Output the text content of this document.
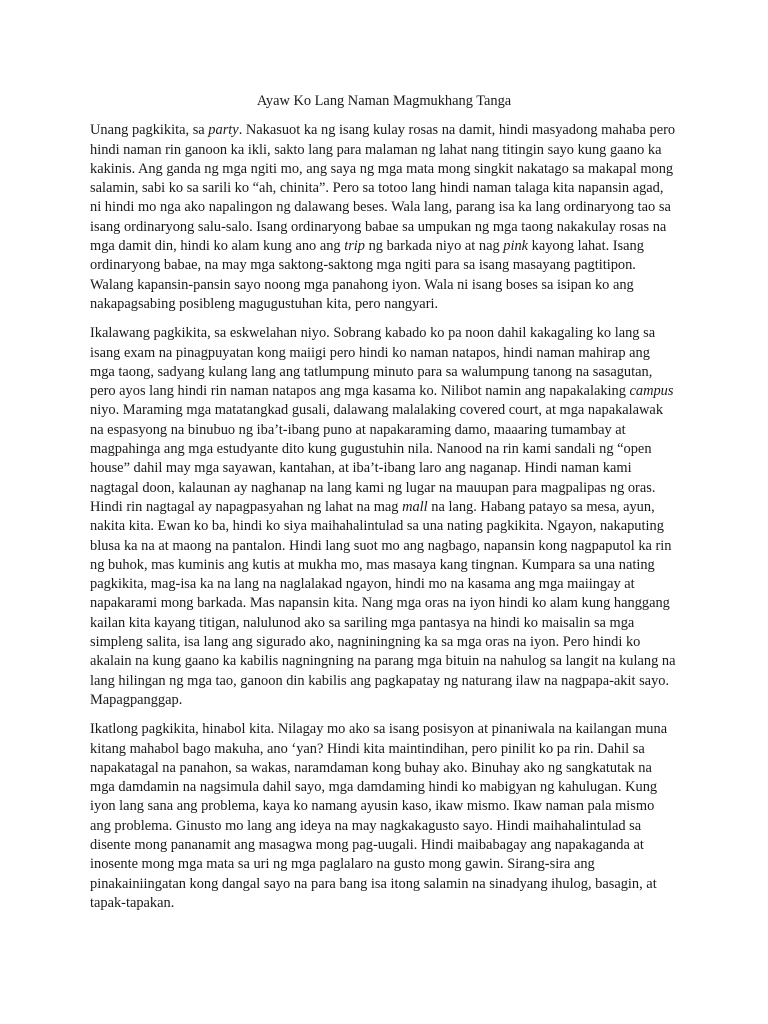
Ayaw Ko Lang Naman Magmukhang Tanga

Unang pagkikita, sa party. Nakasuot ka ng isang kulay rosas na damit, hindi masyadong mahaba pero hindi naman rin ganoon ka ikli, sakto lang para malaman ng lahat nang titingin sayo kung gaano ka kakinis. Ang ganda ng mga ngiti mo, ang saya ng mga mata mong singkit nakatago sa makapal mong salamin, sabi ko sa sarili ko “ah, chinita”. Pero sa totoo lang hindi naman talaga kita napansin agad, ni hindi mo nga ako napalingon ng dalawang beses. Wala lang, parang isa ka lang ordinaryong tao sa isang ordinaryong salu-salo. Isang ordinaryong babae sa umpukan ng mga taong nakakulay rosas na mga damit din, hindi ko alam kung ano ang trip ng barkada niyo at nag pink kayong lahat. Isang ordinaryong babae, na may mga saktong-saktong mga ngiti para sa isang masayang pagtitipon. Walang kapansin-pansin sayo noong mga panahong iyon. Wala ni isang boses sa isipan ko ang nakapagsabing posibleng magugustuhan kita, pero nangyari.

Ikalawang pagkikita, sa eskwelahan niyo. Sobrang kabado ko pa noon dahil kakagaling ko lang sa isang exam na pinagpuyatan kong maiigi pero hindi ko naman natapos, hindi naman mahirap ang mga taong, sadyang kulang lang ang tatlumpung minuto para sa walumpung tanong na sasagutan, pero ayos lang hindi rin naman natapos ang mga kasama ko. Nilibot namin ang napakalaking campus niyo. Maraming mga matatangkad gusali, dalawang malalaking covered court, at mga napakalawak na espasyong na binubuo ng iba’t-ibang puno at napakaraming damo, maaaring tumambay at magpahinga ang mga estudyante dito kung gugustuhin nila. Nanood na rin kami sandali ng “open house” dahil may mga sayawan, kantahan, at iba’t-ibang laro ang naganap. Hindi naman kami nagtagal doon, kalaunan ay naghanap na lang kami ng lugar na mauupan para magpalipas ng oras. Hindi rin nagtagal ay napagpasyahan ng lahat na mag mall na lang. Habang patayo sa mesa, ayun, nakita kita. Ewan ko ba, hindi ko siya maihahalintulad sa una nating pagkikita. Ngayon, nakaputing blusa ka na at maong na pantalon. Hindi lang suot mo ang nagbago, napansin kong nagpaputol ka rin ng buhok, mas kuminis ang kutis at mukha mo, mas masaya kang tingnan. Kumpara sa una nating pagkikita, mag-isa ka na lang na naglalakad ngayon, hindi mo na kasama ang mga maiingay at napakarami mong barkada. Mas napansin kita. Nang mga oras na iyon hindi ko alam kung hanggang kailan kita kayang titigan, nalulunod ako sa sariling mga pantasya na hindi ko maisalin sa mga simpleng salita, isa lang ang sigurado ako, nagniningning ka sa mga oras na iyon. Pero hindi ko akalain na kung gaano ka kabilis nagningning na parang mga bituin na nahulog sa langit na kulang na lang hilingan ng mga tao, ganoon din kabilis ang pagkapatay ng naturang ilaw na nagpapa-akit sayo. Mapagpanggap.

Ikatlong pagkikita, hinabol kita. Nilagay mo ako sa isang posisyon at pinaniwala na kailangan muna kitang mahabol bago makuha, ano ‘yan? Hindi kita maintindihan, pero pinilit ko pa rin. Dahil sa napakatagal na panahon, sa wakas, naramdaman kong buhay ako. Binuhay ako ng sangkatutak na mga damdamin na nagsimula dahil sayo, mga damdaming hindi ko mabigyan ng kahulugan. Kung iyon lang sana ang problema, kaya ko namang ayusin kaso, ikaw mismo. Ikaw naman pala mismo ang problema. Ginusto mo lang ang ideya na may nagkakagusto sayo. Hindi maihahalintulad sa disente mong pananamit ang masagwa mong pag-uugali. Hindi maibabagay ang napakaganda at inosente mong mga mata sa uri ng mga paglalaro na gusto mong gawin. Sirang-sira ang pinakainiingatan kong dangal sayo na para bang isa itong salamin na sinadyang ihulog, basagin, at tapak-tapakan.
